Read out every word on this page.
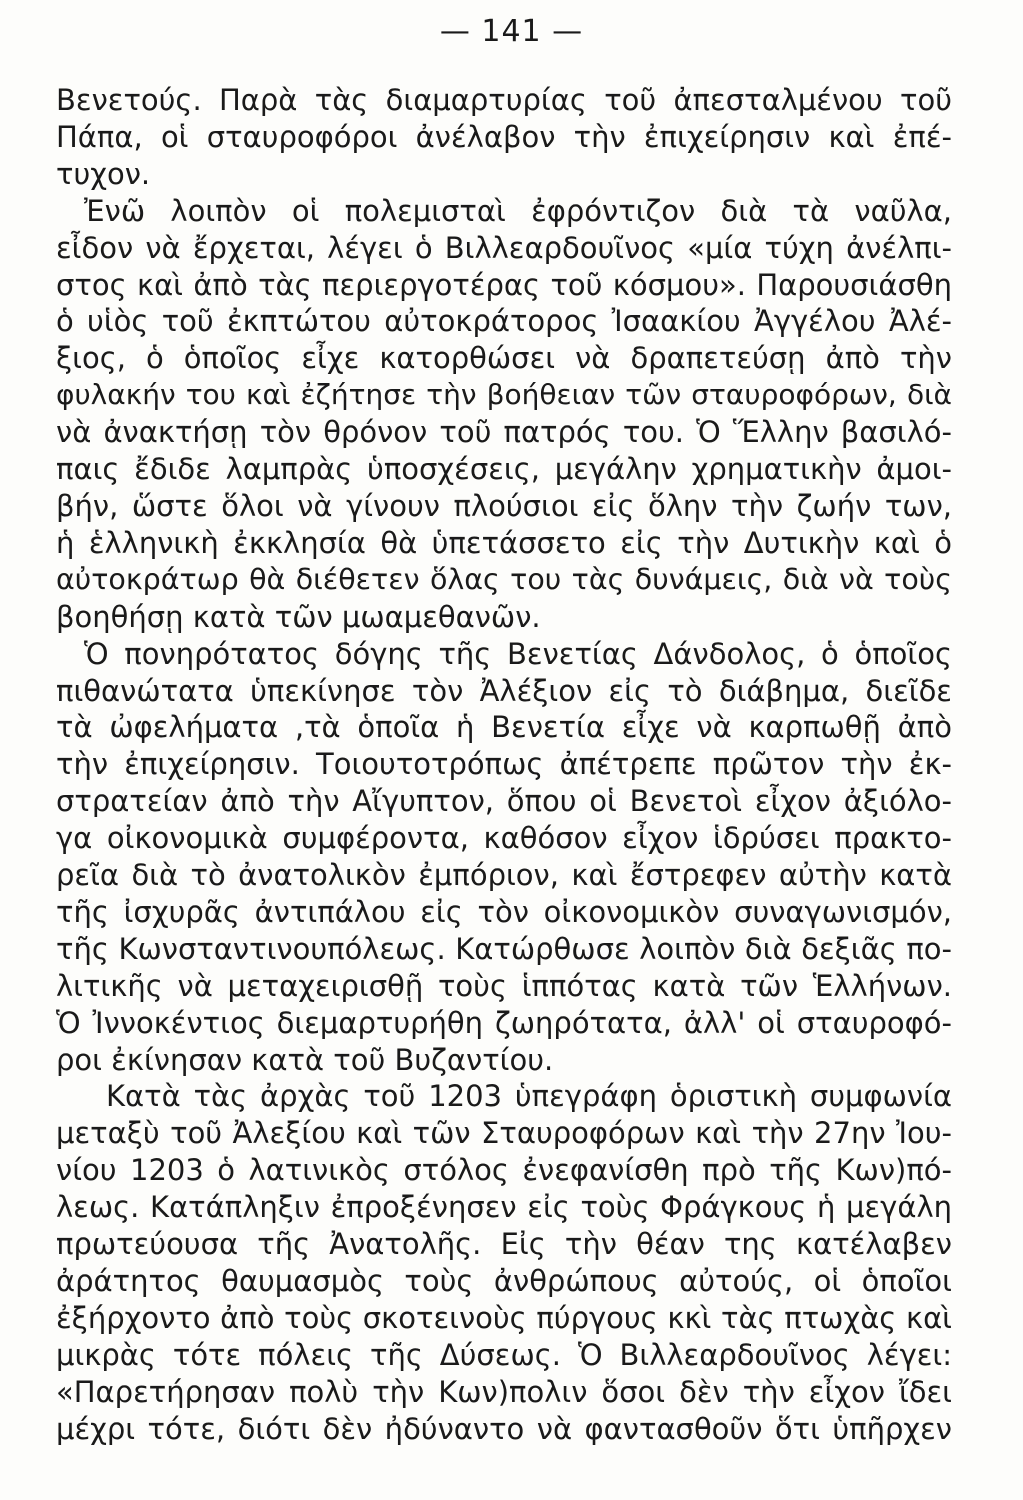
— 141 —
Βενετούς. Παρὰ τὰς διαμαρτυρίας τοῦ ἀπεσταλμένου τοῦ
Πάπα, οἱ σταυροφόροι ἀνέλαβον τὴν ἐπιχείρησιν καὶ ἐπέ-
τυχον.
Ἐνῶ λοιπὸν οἱ πολεμισταὶ ἐφρόντιζον διὰ τὰ ναῦλα,
εἶδον νὰ ἔρχεται, λέγει ὁ Βιλλεαρδουῖνος «μία τύχη ἀνέλπι-
στος καὶ ἀπὸ τὰς περιεργοτέρας τοῦ κόσμου». Παρουσιάσθη
ὁ υἱὸς τοῦ ἐκπτώτου αὐτοκράτορος Ἰσαακίου Ἀγγέλου Ἀλέ-
ξιος, ὁ ὁποῖος εἶχε κατορθώσει νὰ δραπετεύσῃ ἀπὸ τὴν
φυλακήν του καὶ ἐζήτησε τὴν βοήθειαν τῶν σταυροφόρων, διὰ
νὰ ἀνακτήσῃ τὸν θρόνον τοῦ πατρός του. Ὁ Ἕλλην βασιλό-
παις ἔδιδε λαμπρὰς ὑποσχέσεις, μεγάλην χρηματικὴν ἀμοι-
βήν, ὥστε ὅλοι νὰ γίνουν πλούσιοι εἰς ὅλην τὴν ζωήν των,
ἡ ἑλληνικὴ ἐκκλησία θὰ ὑπετάσσετο εἰς τὴν Δυτικὴν καὶ ὁ
αὐτοκράτωρ θὰ διέθετεν ὅλας του τὰς δυνάμεις, διὰ νὰ τοὺς
βοηθήσῃ κατὰ τῶν μωαμεθανῶν.
Ὁ πονηρότατος δόγης τῆς Βενετίας Δάνδολος, ὁ ὁποῖος
πιθανώτατα ὑπεκίνησε τὸν Ἀλέξιον εἰς τὸ διάβημα, διεῖδε
τὰ ὠφελήματα ,τὰ ὁποῖα ἡ Βενετία εἶχε νὰ καρπωθῇ ἀπὸ
τὴν ἐπιχείρησιν. Τοιουτοτρόπως ἀπέτρεπε πρῶτον τὴν ἐκ-
στρατείαν ἀπὸ τὴν Αἴγυπτον, ὅπου οἱ Βενετοὶ εἶχον ἀξιόλο-
γα οἰκονομικὰ συμφέροντα, καθόσον εἶχον ἱδρύσει πρακτο-
ρεῖα διὰ τὸ ἀνατολικὸν ἐμπόριον, καὶ ἔστρεφεν αὐτὴν κατὰ
τῆς ἰσχυρᾶς ἀντιπάλου εἰς τὸν οἰκονομικὸν συναγωνισμόν,
τῆς Κωνσταντινουπόλεως. Κατώρθωσε λοιπὸν διὰ δεξιᾶς πο-
λιτικῆς νὰ μεταχειρισθῇ τοὺς ἱππότας κατὰ τῶν Ἑλλήνων.
Ὁ Ἰννοκέντιος διεμαρτυρήθη ζωηρότατα, ἀλλ' οἱ σταυροφό-
ροι ἐκίνησαν κατὰ τοῦ Βυζαντίου.
Κατὰ τὰς ἀρχὰς τοῦ 1203 ὑπεγράφη ὁριστικὴ συμφωνία
μεταξὺ τοῦ Ἀλεξίου καὶ τῶν Σταυροφόρων καὶ τὴν 27ην Ἰου-
νίου 1203 ὁ λατινικὸς στόλος ἐνεφανίσθη πρὸ τῆς Κων)πό-
λεως. Κατάπληξιν ἐπροξένησεν εἰς τοὺς Φράγκους ἡ μεγάλη
πρωτεύουσα τῆς Ἀνατολῆς. Εἰς τὴν θέαν της κατέλαβεν
ἀράτητος θαυμασμὸς τοὺς ἀνθρώπους αὐτούς, οἱ ὁποῖοι
ἐξήρχοντο ἀπὸ τοὺς σκοτεινοὺς πύργους κκὶ τὰς πτωχὰς καὶ
μικρὰς τότε πόλεις τῆς Δύσεως. Ὁ Βιλλεαρδουῖνος λέγει:
«Παρετήρησαν πολὺ τὴν Κων)πολιν ὅσοι δὲν τὴν εἶχον ἴδει
μέχρι τότε, διότι δὲν ἠδύναντο νὰ φαντασθοῦν ὅτι ὑπῆρχεν
